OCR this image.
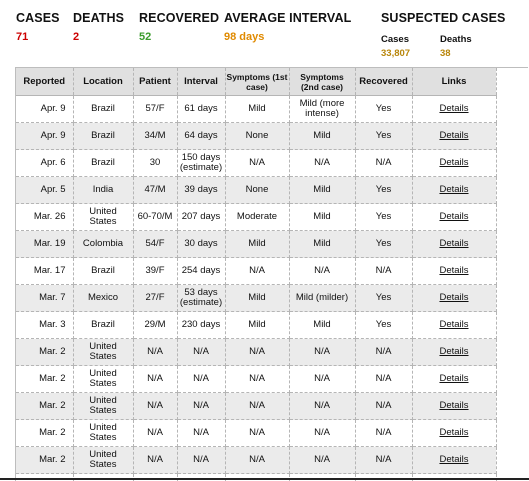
CASES
71
DEATHS
2
RECOVERED
52
AVERAGE INTERVAL
98 days
SUSPECTED CASES
Cases
33,807
Deaths
38
Reported	Location	Patient	Interval	Symptoms (1st case)	Symptoms (2nd case)	Recovered	Links
Apr. 9	Brazil	57/F	61 days	Mild	Mild (more intense)	Yes	Details
Apr. 9	Brazil	34/M	64 days	None	Mild	Yes	Details
Apr. 6	Brazil	30	150 days (estimate)	N/A	N/A	N/A	Details
Apr. 5	India	47/M	39 days	None	Mild	Yes	Details
Mar. 26	United States	60-70/M	207 days	Moderate	Mild	Yes	Details
Mar. 19	Colombia	54/F	30 days	Mild	Mild	Yes	Details
Mar. 17	Brazil	39/F	254 days	N/A	N/A	N/A	Details
Mar. 7	Mexico	27/F	53 days (estimate)	Mild	Mild (milder)	Yes	Details
Mar. 3	Brazil	29/M	230 days	Mild	Mild	Yes	Details
Mar. 2	United States	N/A	N/A	N/A	N/A	N/A	Details
Mar. 2	United States	N/A	N/A	N/A	N/A	N/A	Details
Mar. 2	United States	N/A	N/A	N/A	N/A	N/A	Details
Mar. 2	United States	N/A	N/A	N/A	N/A	N/A	Details
Mar. 2	United States	N/A	N/A	N/A	N/A	N/A	Details
